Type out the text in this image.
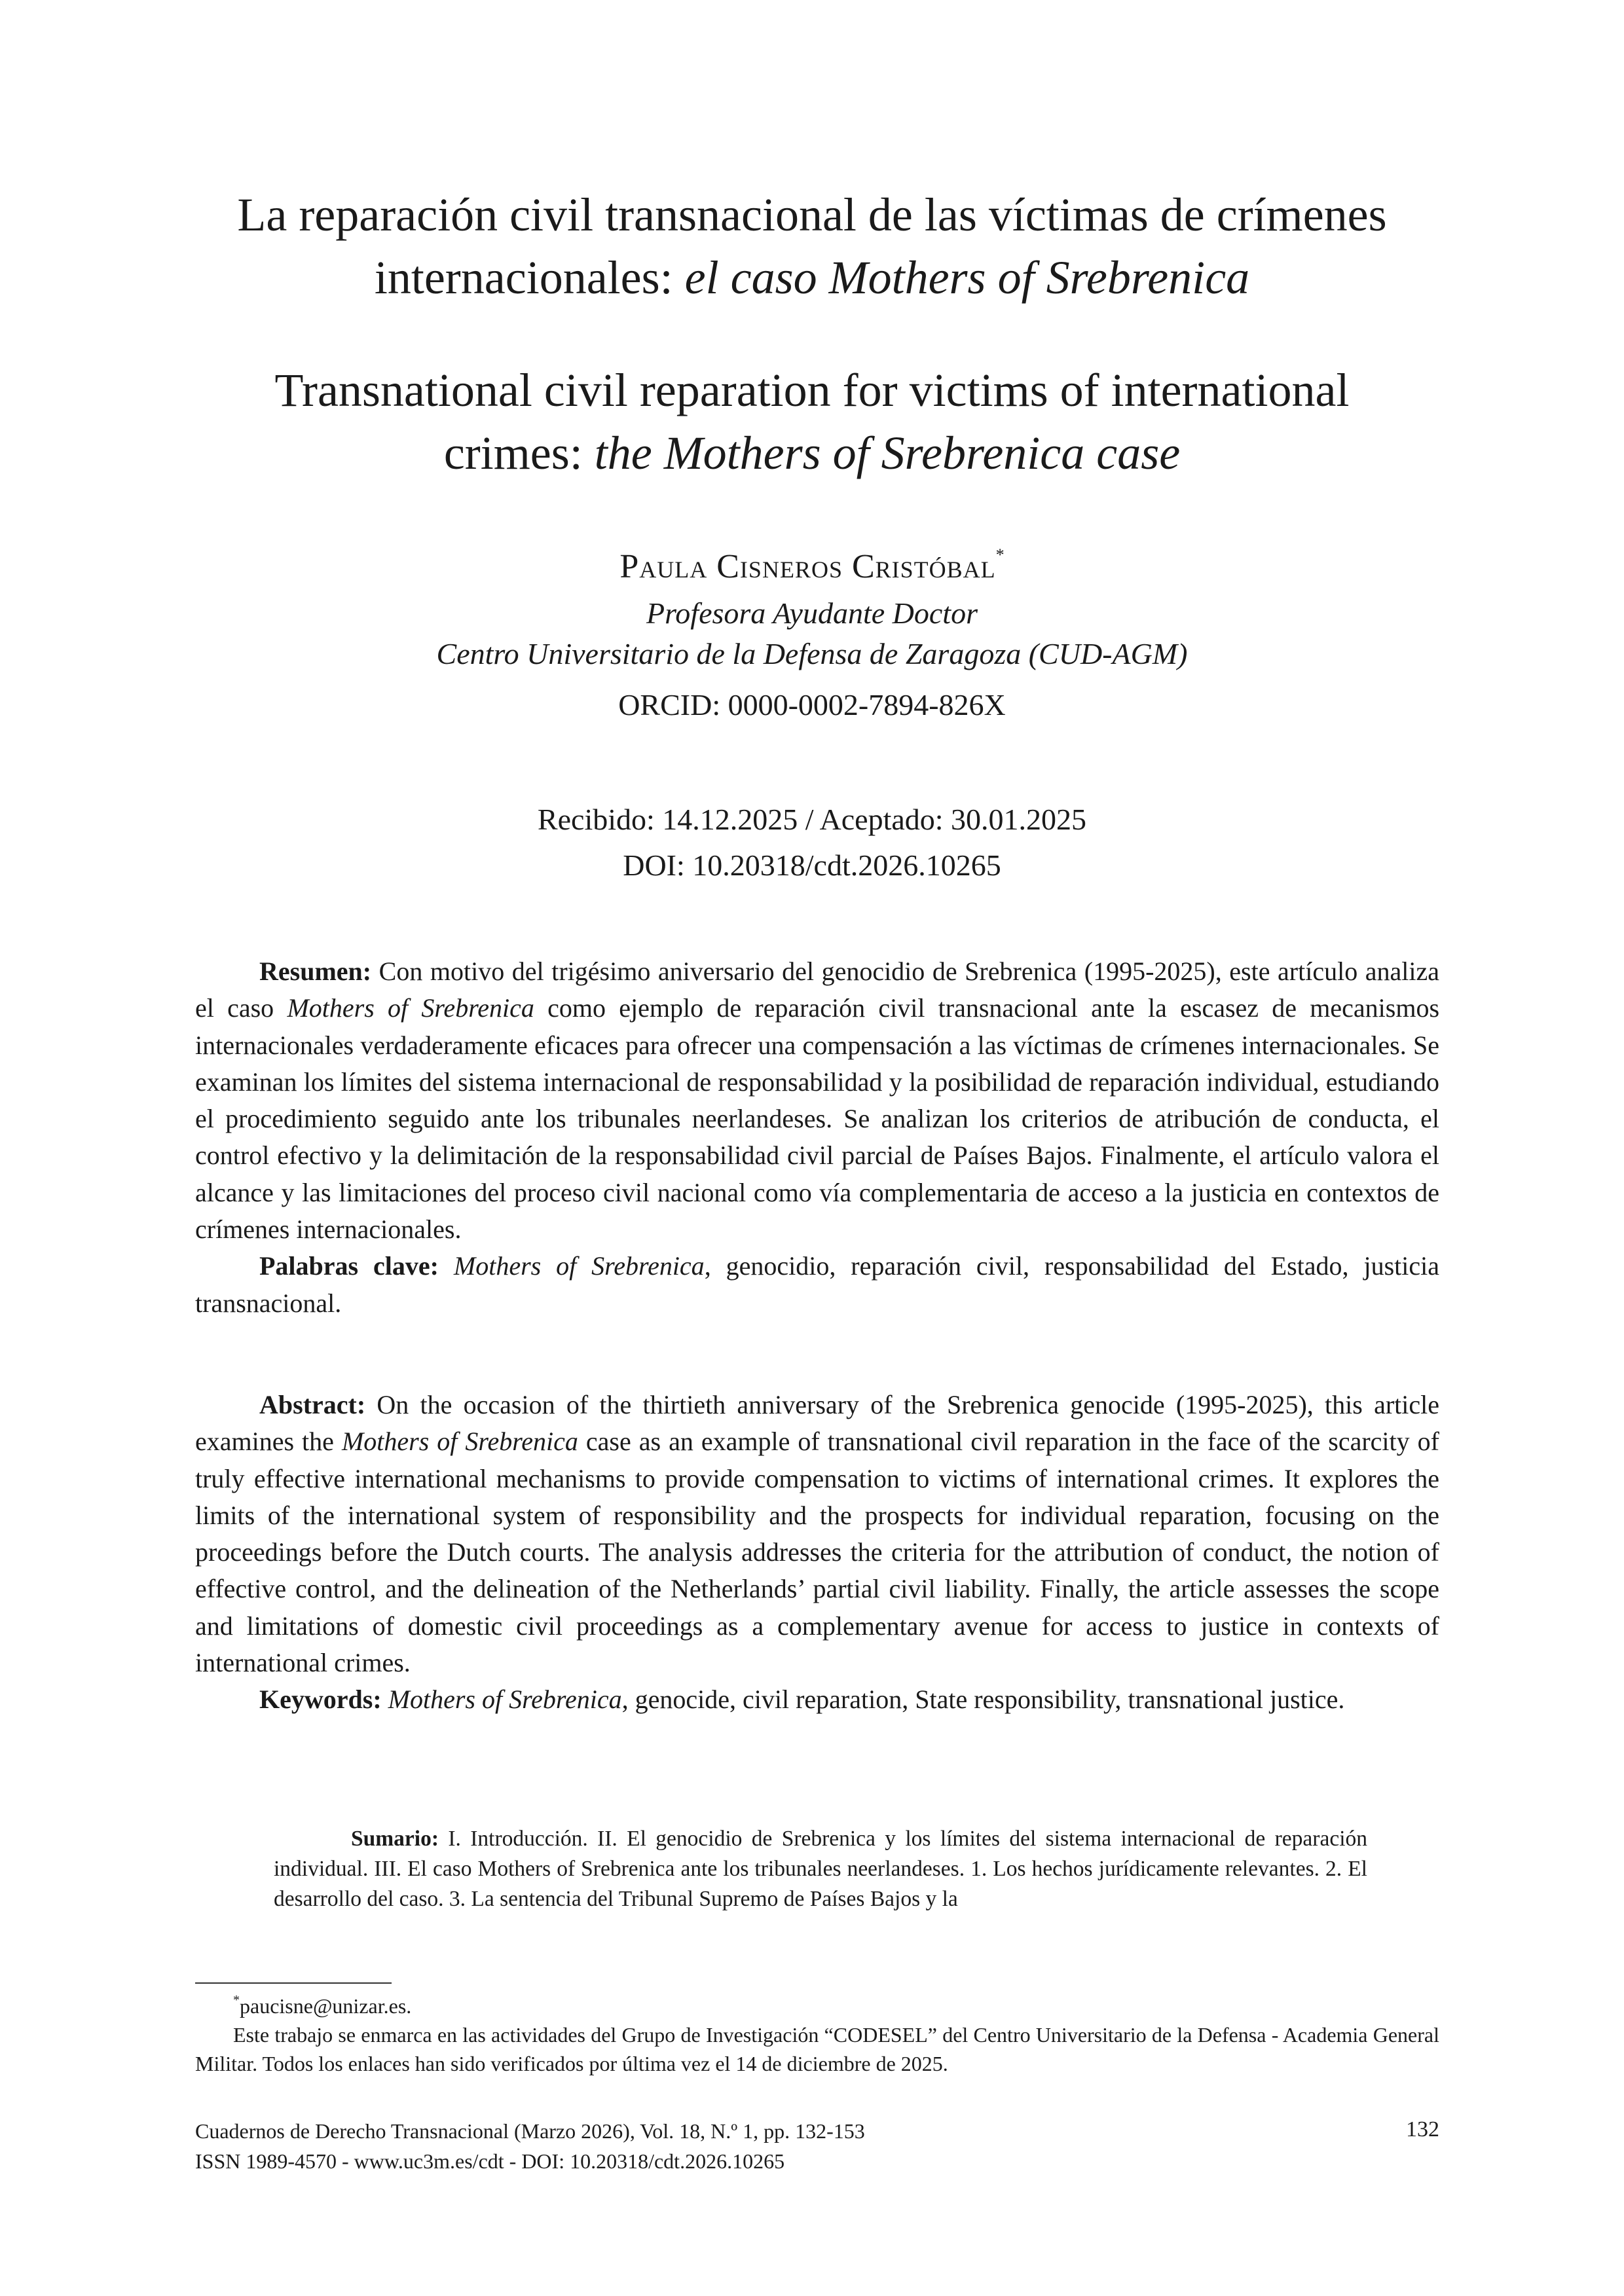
La reparación civil transnacional de las víctimas de crímenes
internacionales: el caso Mothers of Srebrenica
Transnational civil reparation for victims of international
crimes: the Mothers of Srebrenica case
Paula Cisneros Cristóbal*
Profesora Ayudante Doctor
Centro Universitario de la Defensa de Zaragoza (CUD-AGM)
ORCID: 0000-0002-7894-826X
Recibido: 14.12.2025 / Aceptado: 30.01.2025
DOI: 10.20318/cdt.2026.10265

Resumen: Con motivo del trigésimo aniversario del genocidio de Srebrenica (1995-2025), este artículo analiza el caso Mothers of Srebrenica como ejemplo de reparación civil transnacional ante la escasez de mecanismos internacionales verdaderamente eficaces para ofrecer una compensación a las víctimas de crímenes internacionales. Se examinan los límites del sistema internacional de responsabilidad y la posibilidad de reparación individual, estudiando el procedimiento seguido ante los tribunales neerlandeses. Se analizan los criterios de atribución de conducta, el control efectivo y la delimitación de la responsabilidad civil parcial de Países Bajos. Finalmente, el artículo valora el alcance y las limitaciones del proceso civil nacional como vía complementaria de acceso a la justicia en contextos de crímenes internacionales.

Palabras clave: Mothers of Srebrenica, genocidio, reparación civil, responsabilidad del Estado, justicia transnacional.

Abstract: On the occasion of the thirtieth anniversary of the Srebrenica genocide (1995-2025), this article examines the Mothers of Srebrenica case as an example of transnational civil reparation in the face of the scarcity of truly effective international mechanisms to provide compensation to victims of international crimes. It explores the limits of the international system of responsibility and the prospects for individual reparation, focusing on the proceedings before the Dutch courts. The analysis addresses the criteria for the attribution of conduct, the notion of effective control, and the delineation of the Netherlands’ partial civil liability. Finally, the article assesses the scope and limitations of domestic civil proceedings as a complementary avenue for access to justice in contexts of international crimes.

Keywords: Mothers of Srebrenica, genocide, civil reparation, State responsibility, transnational justice.

Sumario: I. Introducción. II. El genocidio de Srebrenica y los límites del sistema internacional de reparación individual. III. El caso Mothers of Srebrenica ante los tribunales neerlandeses. 1. Los hechos jurídicamente relevantes. 2. El desarrollo del caso. 3. La sentencia del Tribunal Supremo de Países Bajos y la

*paucisne@unizar.es.

Este trabajo se enmarca en las actividades del Grupo de Investigación “CODESEL” del Centro Universitario de la Defensa - Academia General Militar. Todos los enlaces han sido verificados por última vez el 14 de diciembre de 2025.

Cuadernos de Derecho Transnacional (Marzo 2026), Vol. 18, N.º 1, pp. 132-153
ISSN 1989-4570 - www.uc3m.es/cdt - DOI: 10.20318/cdt.2026.10265
132
